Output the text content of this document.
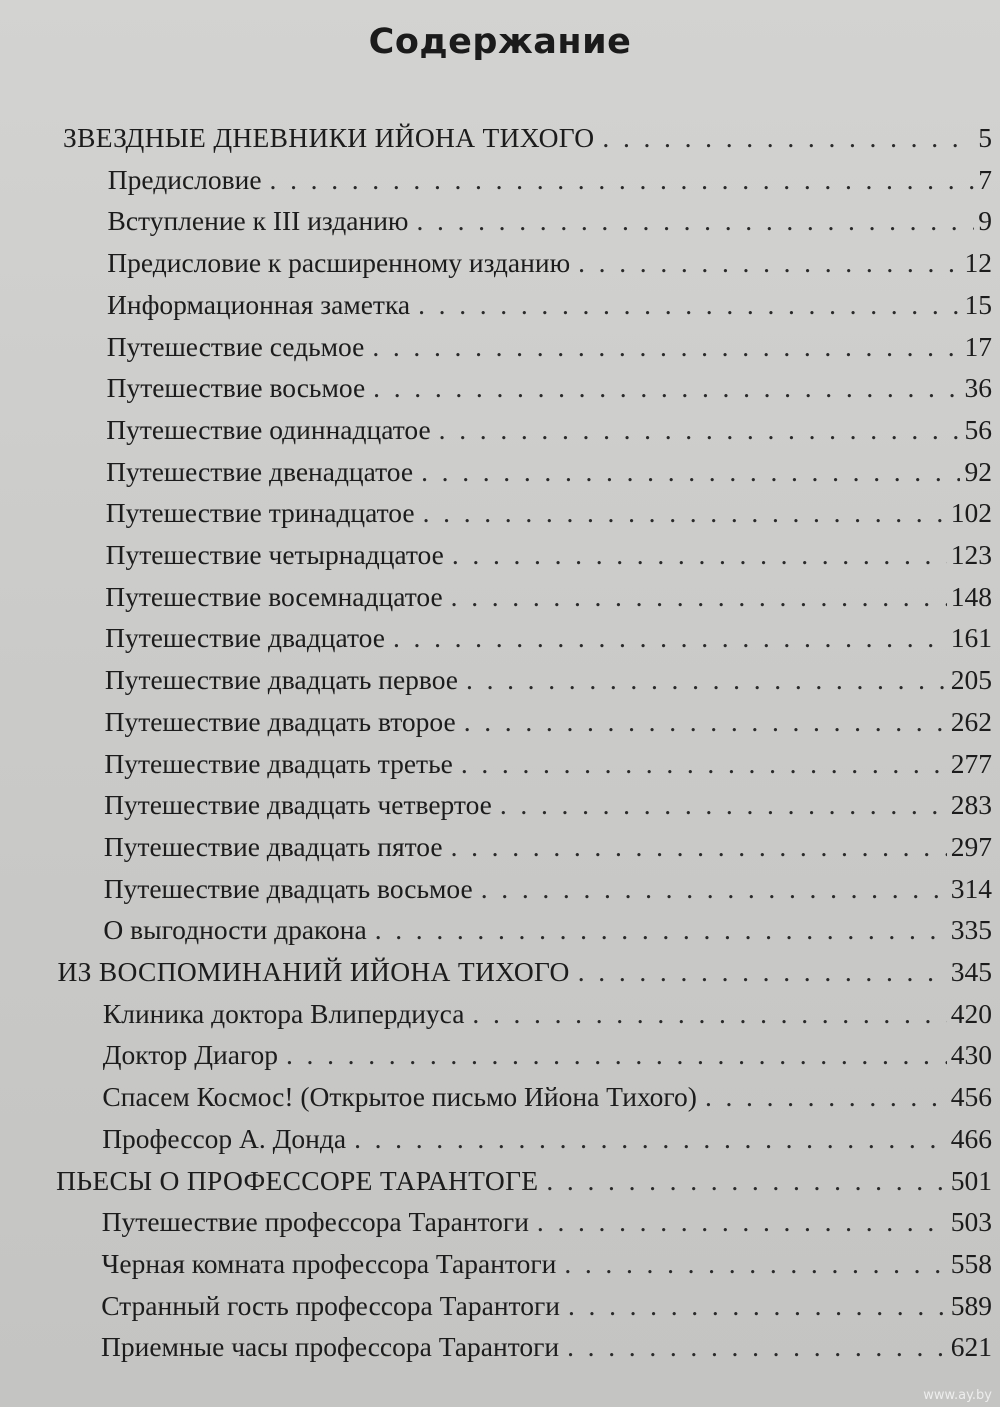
Содержание
ЗВЕЗДНЫЕ ДНЕВНИКИ ИЙОНА ТИХОГО . . .	5
Предисловие . . .	7
Вступление к III изданию . . .	9
Предисловие к расширенному изданию . . .	12
Информационная заметка . . .	15
Путешествие седьмое . . .	17
Путешествие восьмое . . .	36
Путешествие одиннадцатое . . .	56
Путешествие двенадцатое . . .	92
Путешествие тринадцатое . . .	102
Путешествие четырнадцатое . . .	123
Путешествие восемнадцатое . . .	148
Путешествие двадцатое . . .	161
Путешествие двадцать первое . . .	205
Путешествие двадцать второе . . .	262
Путешествие двадцать третье . . .	277
Путешествие двадцать четвертое . . .	283
Путешествие двадцать пятое . . .	297
Путешествие двадцать восьмое . . .	314
О выгодности дракона . . .	335
ИЗ ВОСПОМИНАНИЙ ИЙОНА ТИХОГО . . .	345
Клиника доктора Влипердиуса . . .	420
Доктор Диагор . . .	430
Спасем Космос! (Открытое письмо Ийона Тихого) . . .	456
Профессор А. Донда . . .	466
ПЬЕСЫ О ПРОФЕССОРЕ ТАРАНТОГЕ . . .	501
Путешествие профессора Тарантоги . . .	503
Черная комната профессора Тарантоги . . .	558
Странный гость профессора Тарантоги . . .	589
Приемные часы профессора Тарантоги . . .	621
www.ay.by
